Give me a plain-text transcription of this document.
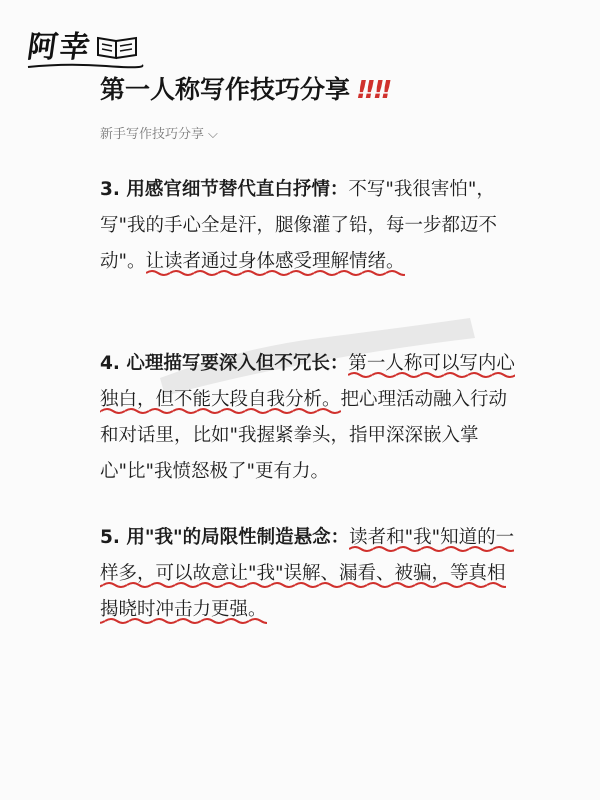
阿幸
第一人称写作技巧分享 ‼‼
新手写作技巧分享 ⌵
3. 用感官细节替代直白抒情：不写"我很害怕"，写"我的手心全是汗，腿像灌了铅，每一步都迈不动"。让读者通过身体感受理解情绪。
4. 心理描写要深入但不冗长：第一人称可以写内心独白，但不能大段自我分析。把心理活动融入行动和对话里，比如"我握紧拳头，指甲深深嵌入掌心"比"我愤怒极了"更有力。
5. 用"我"的局限性制造悬念：读者和"我"知道的一样多，可以故意让"我"误解、漏看、被骗，等真相揭晓时冲击力更强。
